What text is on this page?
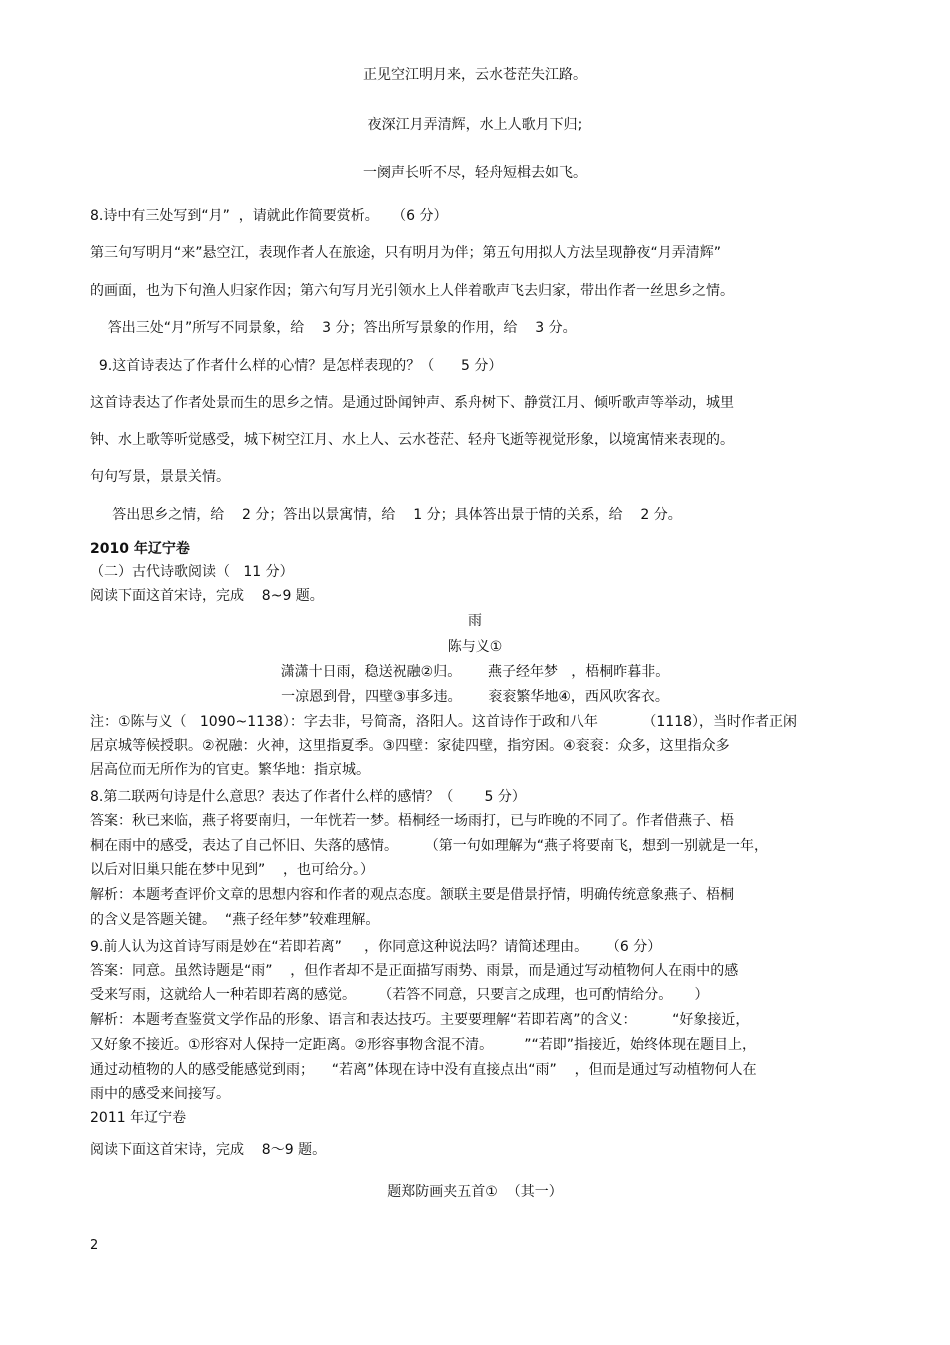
正见空江明月来，云水苍茫失江路。
夜深江月弄清辉，水上人歌月下归;
一阕声长听不尽，轻舟短楫去如飞。
8.诗中有三处写到“月”  ，请就此作简要赏析。   （6 分）
第三句写明月“来”悬空江，表现作者人在旅途，只有明月为伴；第五句用拟人方法呈现静夜“月弄清辉”
的画面，也为下句渔人归家作因；第六句写月光引领水上人伴着歌声飞去归家，带出作者一丝思乡之情。
答出三处“月”所写不同景象，给    3 分；答出所写景象的作用，给    3 分。
9.这首诗表达了作者什么样的心情？是怎样表现的？（      5 分）
这首诗表达了作者处景而生的思乡之情。是通过卧闻钟声、系舟树下、静赏江月、倾听歌声等举动，城里
钟、水上歌等听觉感受，城下树空江月、水上人、云水苍茫、轻舟飞逝等视觉形象，以境寓情来表现的。
句句写景，景景关情。
答出思乡之情，给    2 分；答出以景寓情，给    1 分；具体答出景于情的关系，给    2 分。
2010 年辽宁卷
（二）古代诗歌阅读（   11 分）
阅读下面这首宋诗，完成    8~9 题。
雨
陈与义①
潇潇十日雨，稳送祝融②归。      燕子经年梦   ，梧桐昨暮非。
一凉恩到骨，四壁③事多违。      衮衮繁华地④，西风吹客衣。
注：①陈与义（   1090~1138）：字去非，号简斋，洛阳人。这首诗作于政和八年          （1118），当时作者正闲
居京城等候授职。②祝融：火神，这里指夏季。③四壁：家徒四壁，指穷困。④衮衮：众多，这里指众多
居高位而无所作为的官吏。繁华地：指京城。
8.第二联两句诗是什么意思？表达了作者什么样的感情？（       5 分）
答案：秋已来临，燕子将要南归，一年恍若一梦。梧桐经一场雨打，已与昨晚的不同了。作者借燕子、梧
桐在雨中的感受，表达了自己怀旧、失落的感情。      （第一句如理解为“燕子将要南飞，想到一别就是一年，
以后对旧巢只能在梦中见到”    ，也可给分。）
解析：本题考查评价文章的思想内容和作者的观点态度。颔联主要是借景抒情，明确传统意象燕子、梧桐
的含义是答题关键。  “燕子经年梦”较难理解。
9.前人认为这首诗写雨是妙在“若即若离”     ，你同意这种说法吗？请简述理由。    （6 分）
答案：同意。虽然诗题是“雨”    ，但作者却不是正面描写雨势、雨景，而是通过写动植物何人在雨中的感
受来写雨，这就给人一种若即若离的感觉。     （若答不同意，只要言之成理，也可酌情给分。     ）
解析：本题考查鉴赏文学作品的形象、语言和表达技巧。主要要理解“若即若离”的含义：        “好象接近，
又好象不接近。①形容对人保持一定距离。②形容事物含混不清。       ”“若即”指接近，始终体现在题目上，
通过动植物的人的感受能感觉到雨；    “若离”体现在诗中没有直接点出“雨”    ，但而是通过写动植物何人在
雨中的感受来间接写。
2011 年辽宁卷
阅读下面这首宋诗，完成    8～9 题。
题郑防画夹五首①  （其一）
2
